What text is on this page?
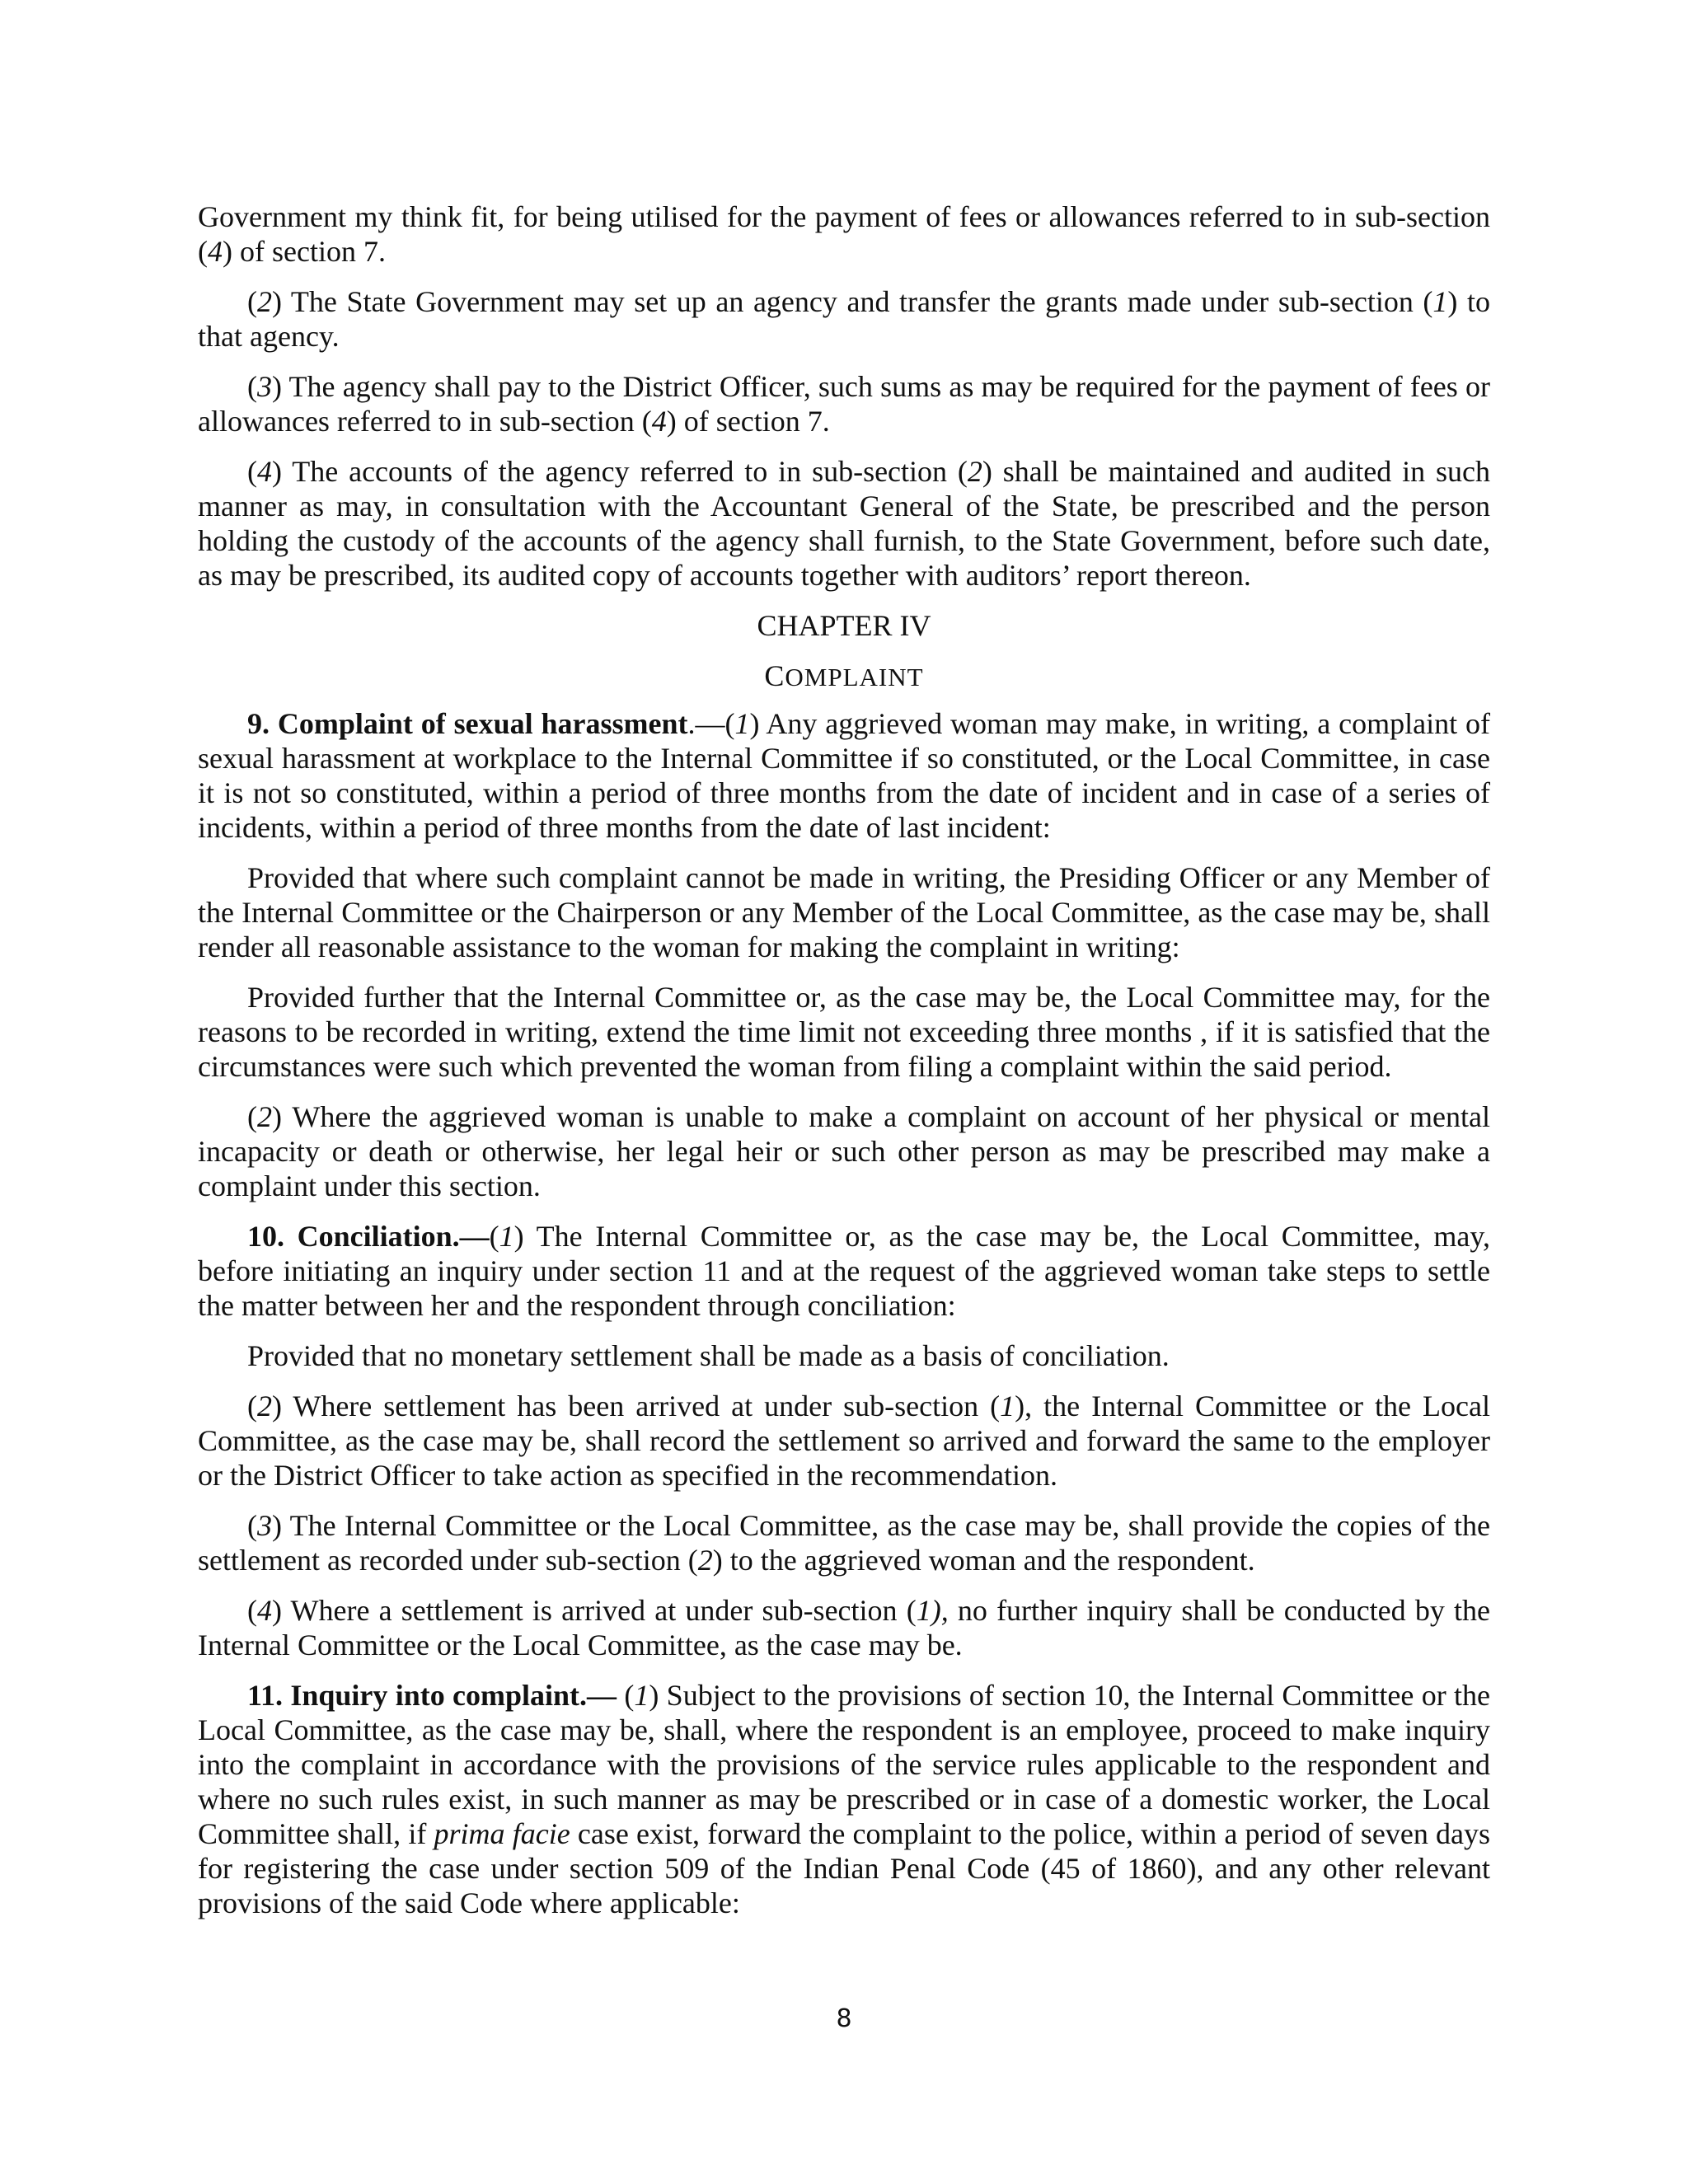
Government my think fit, for being utilised for the payment of fees or allowances referred to in sub-section (4) of section 7.

(2) The State Government may set up an agency and transfer the grants made under sub-section (1) to that agency.

(3) The agency shall pay to the District Officer, such sums as may be required for the payment of fees or allowances referred to in sub-section (4) of section 7.

(4) The accounts of the agency referred to in sub-section (2) shall be maintained and audited in such manner as may, in consultation with the Accountant General of the State, be prescribed and the person holding the custody of the accounts of the agency shall furnish, to the State Government, before such date, as may be prescribed, its audited copy of accounts together with auditors’ report thereon.

CHAPTER IV
COMPLAINT

9. Complaint of sexual harassment.—(1) Any aggrieved woman may make, in writing, a complaint of sexual harassment at workplace to the Internal Committee if so constituted, or the Local Committee, in case it is not so constituted, within a period of three months from the date of incident and in case of a series of incidents, within a period of three months from the date of last incident:

Provided that where such complaint cannot be made in writing, the Presiding Officer or any Member of the Internal Committee or the Chairperson or any Member of the Local Committee, as the case may be, shall render all reasonable assistance to the woman for making the complaint in writing:

Provided further that the Internal Committee or, as the case may be, the Local Committee may, for the reasons to be recorded in writing, extend the time limit not exceeding three months , if it is satisfied that the circumstances were such which prevented the woman from filing a complaint within the said period.

(2) Where the aggrieved woman is unable to make a complaint on account of her physical or mental incapacity or death or otherwise, her legal heir or such other person as may be prescribed may make a complaint under this section.

10. Conciliation.—(1) The Internal Committee or, as the case may be, the Local Committee, may, before initiating an inquiry under section 11 and at the request of the aggrieved woman take steps to settle the matter between her and the respondent through conciliation:

Provided that no monetary settlement shall be made as a basis of conciliation.

(2) Where settlement has been arrived at under sub-section (1), the Internal Committee or the Local Committee, as the case may be, shall record the settlement so arrived and forward the same to the employer or the District Officer to take action as specified in the recommendation.

(3) The Internal Committee or the Local Committee, as the case may be, shall provide the copies of the settlement as recorded under sub-section (2) to the aggrieved woman and the respondent.

(4) Where a settlement is arrived at under sub-section (1), no further inquiry shall be conducted by the Internal Committee or the Local Committee, as the case may be.

11. Inquiry into complaint.— (1) Subject to the provisions of section 10, the Internal Committee or the Local Committee, as the case may be, shall, where the respondent is an employee, proceed to make inquiry into the complaint in accordance with the provisions of the service rules applicable to the respondent and where no such rules exist, in such manner as may be prescribed or in case of a domestic worker, the Local Committee shall, if prima facie case exist, forward the complaint to the police, within a period of seven days for registering the case under section 509 of the Indian Penal Code (45 of 1860), and any other relevant provisions of the said Code where applicable:

8
